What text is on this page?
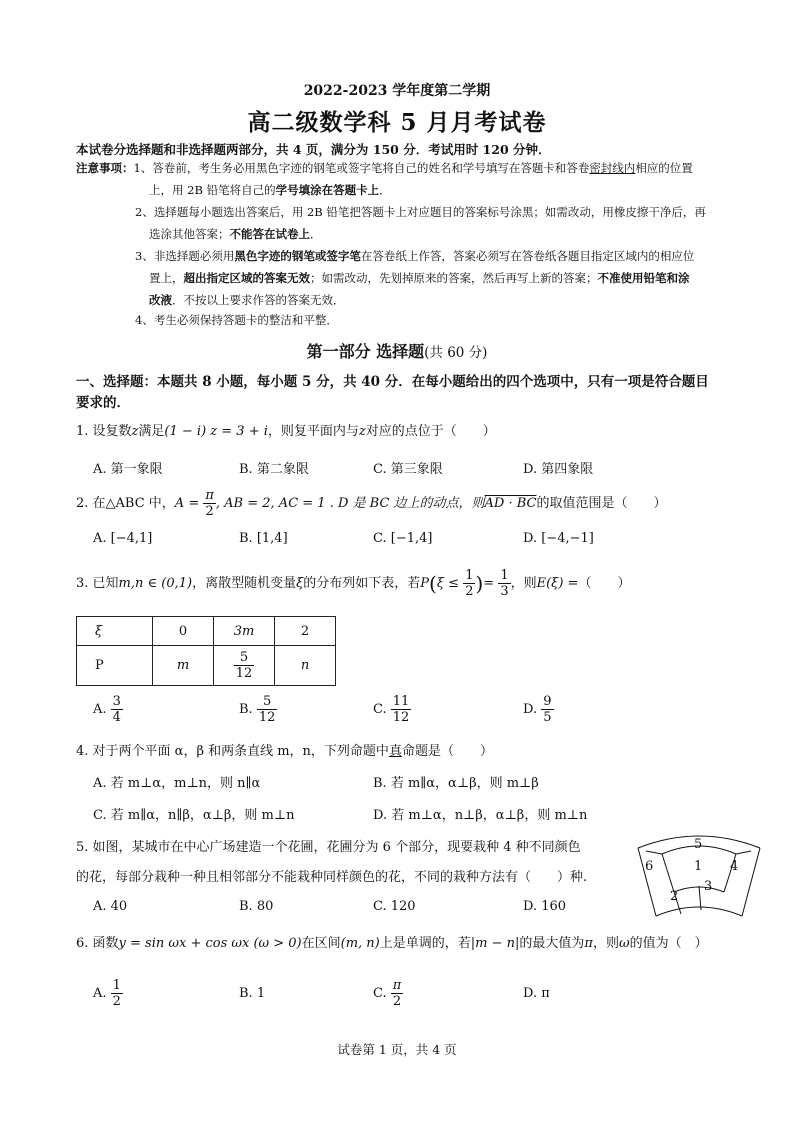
2022-2023 学年度第二学期
高二级数学科 5 月月考试卷
本试卷分选择题和非选择题两部分，共 4 页，满分为 150 分．考试用时 120 分钟．
注意事项：1、答卷前，考生务必用黑色字迹的钢笔或签字笔将自己的姓名和学号填写在答题卡和答卷密封线内相应的位置
上，用 2B 铅笔将自己的学号填涂在答题卡上．
2、选择题每小题选出答案后，用 2B 铅笔把答题卡上对应题目的答案标号涂黑；如需改动，用橡皮擦干净后，再
选涂其他答案；不能答在试卷上．
3、非选择题必须用黑色字迹的钢笔或签字笔在答卷纸上作答，答案必须写在答卷纸各题目指定区域内的相应位
置上，超出指定区域的答案无效；如需改动，先划掉原来的答案，然后再写上新的答案；不准使用铅笔和涂
改液．不按以上要求作答的答案无效．
4、考生必须保持答题卡的整洁和平整．
第一部分 选择题(共 60 分)
一、选择题：本题共 8 小题，每小题 5 分，共 40 分．在每小题给出的四个选项中，只有一项是符合题目
要求的．
1. 设复数z满足(1 − i) z = 3 + i，则复平面内与z对应的点位于（　　）
A. 第一象限	B. 第二象限	C. 第三象限	D. 第四象限
2. 在△ABC 中，$A = \frac{\pi}{2}$ , AB = 2, AC = 1 . D 是 BC 边上的动点，则AD · BC的取值范围是（　　）
A. [−4,1]	B. [1,4]	C. [−1,4]	D. [−4,−1]
3. 已知m,n ∈ (0,1)，离散型随机变量ξ的分布列如下表，若$P(\xi \le \frac{1}{2}$ )= $\frac{1}{3}$ ，则E(ξ) =（　　）
ξ	0	3m	2
P	m	$\frac{5}{12}$	n
A. $\frac{3}{4}$	B. $\frac{5}{12}$	C. $\frac{11}{12}$	D. $\frac{9}{5}$
4. 对于两个平面 α，β 和两条直线 m，n，下列命题中真命题是（　　）
A. 若 m⊥α，m⊥n，则 n∥α	B. 若 m∥α，α⊥β，则 m⊥β
C. 若 m∥α，n∥β，α⊥β，则 m⊥n	D. 若 m⊥α，n⊥β，α⊥β，则 m⊥n
5. 如图，某城市在中心广场建造一个花圃，花圃分为 6 个部分，现要栽种 4 种不同颜色
的花，每部分栽种一种且相邻部分不能栽种同样颜色的花，不同的栽种方法有（　　）种.
A. 40	B. 80	C. 120	D. 160
5
6	1 4
2
3
6. 函数y = sin ωx + cos ωx (ω > 0)在区间(m, n)上是单调的，若|m − n|的最大值为π，则ω的值为（　）
A. $\frac{1}{2}$	B. 1	C. $\frac{\pi}{2}$	D. π
试卷第 1 页，共 4 页
